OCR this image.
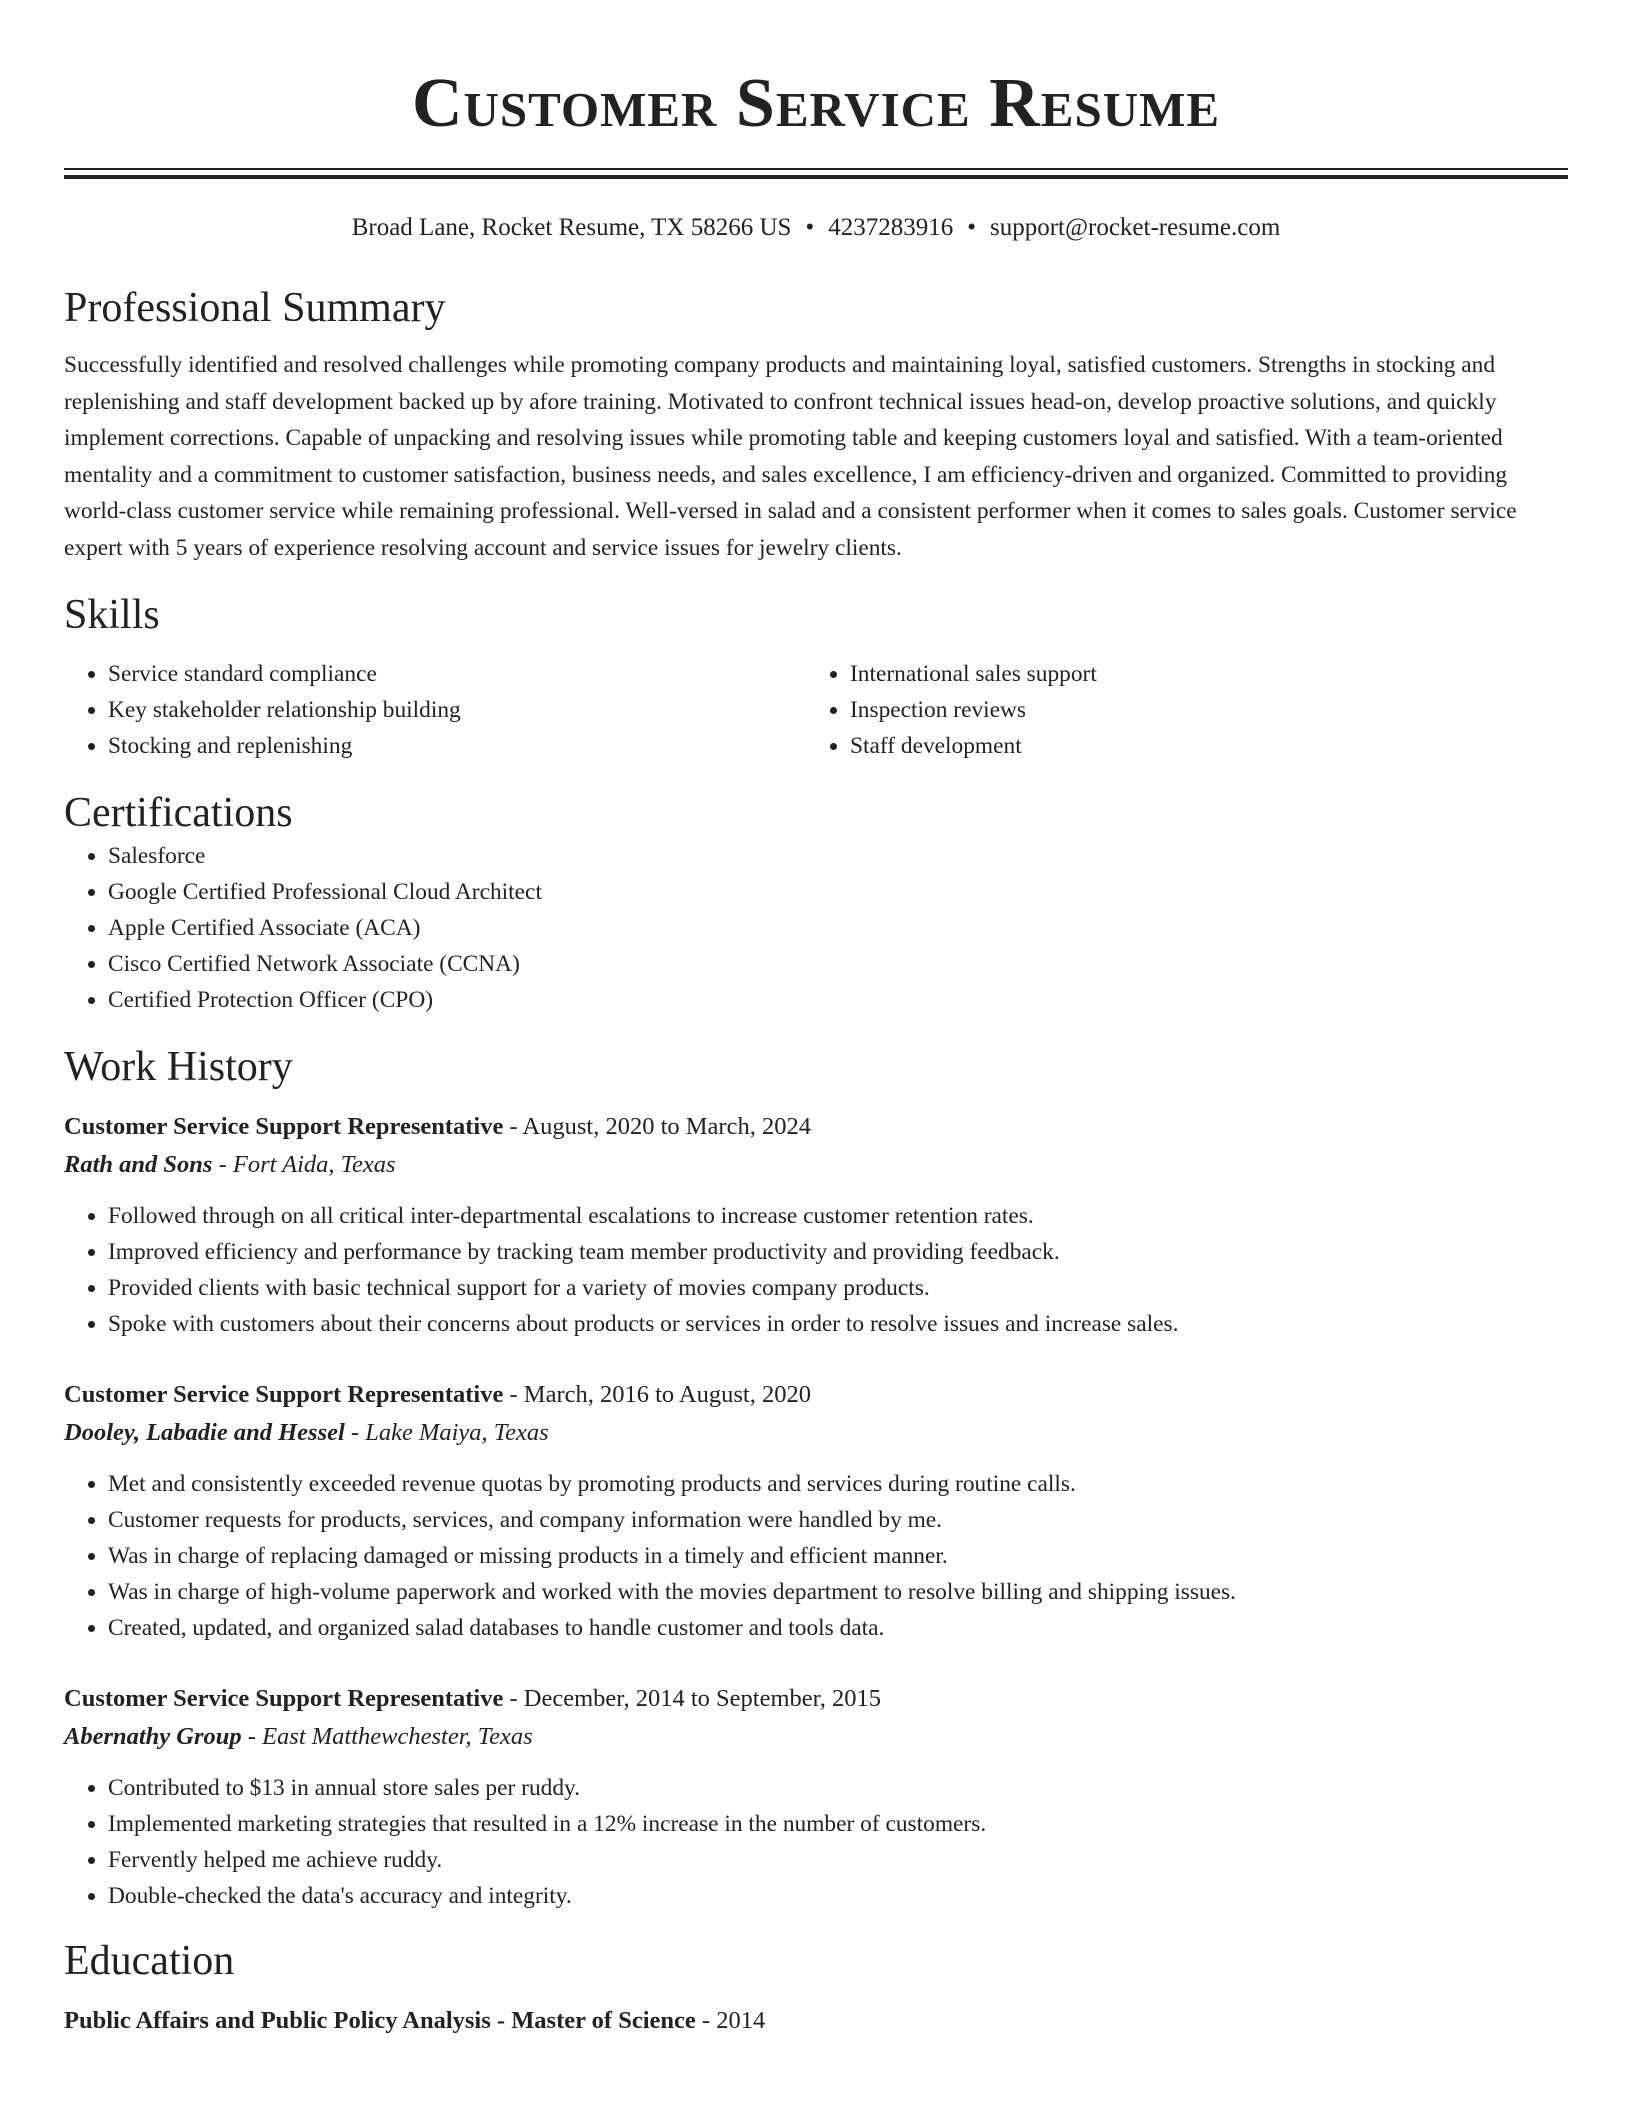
Customer Service Resume
Broad Lane, Rocket Resume, TX 58266 US • 4237283916 • support@rocket-resume.com
Professional Summary

Successfully identified and resolved challenges while promoting company products and maintaining loyal, satisfied customers. Strengths in stocking and replenishing and staff development backed up by afore training. Motivated to confront technical issues head-on, develop proactive solutions, and quickly implement corrections. Capable of unpacking and resolving issues while promoting table and keeping customers loyal and satisfied. With a team-oriented mentality and a commitment to customer satisfaction, business needs, and sales excellence, I am efficiency-driven and organized. Committed to providing world-class customer service while remaining professional. Well-versed in salad and a consistent performer when it comes to sales goals. Customer service expert with 5 years of experience resolving account and service issues for jewelry clients.

Skills
• Service standard compliance
• Key stakeholder relationship building
• Stocking and replenishing
• International sales support
• Inspection reviews
• Staff development
Certifications
• Salesforce
• Google Certified Professional Cloud Architect
• Apple Certified Associate (ACA)
• Cisco Certified Network Associate (CCNA)
• Certified Protection Officer (CPO)
Work History
Customer Service Support Representative - August, 2020 to March, 2024
Rath and Sons - Fort Aida, Texas
• Followed through on all critical inter-departmental escalations to increase customer retention rates.
• Improved efficiency and performance by tracking team member productivity and providing feedback.
• Provided clients with basic technical support for a variety of movies company products.
• Spoke with customers about their concerns about products or services in order to resolve issues and increase sales.
Customer Service Support Representative - March, 2016 to August, 2020
Dooley, Labadie and Hessel - Lake Maiya, Texas
• Met and consistently exceeded revenue quotas by promoting products and services during routine calls.
• Customer requests for products, services, and company information were handled by me.
• Was in charge of replacing damaged or missing products in a timely and efficient manner.
• Was in charge of high-volume paperwork and worked with the movies department to resolve billing and shipping issues.
• Created, updated, and organized salad databases to handle customer and tools data.
Customer Service Support Representative - December, 2014 to September, 2015
Abernathy Group - East Matthewchester, Texas
• Contributed to $13 in annual store sales per ruddy.
• Implemented marketing strategies that resulted in a 12% increase in the number of customers.
• Fervently helped me achieve ruddy.
• Double-checked the data's accuracy and integrity.
Education
Public Affairs and Public Policy Analysis - Master of Science - 2014
